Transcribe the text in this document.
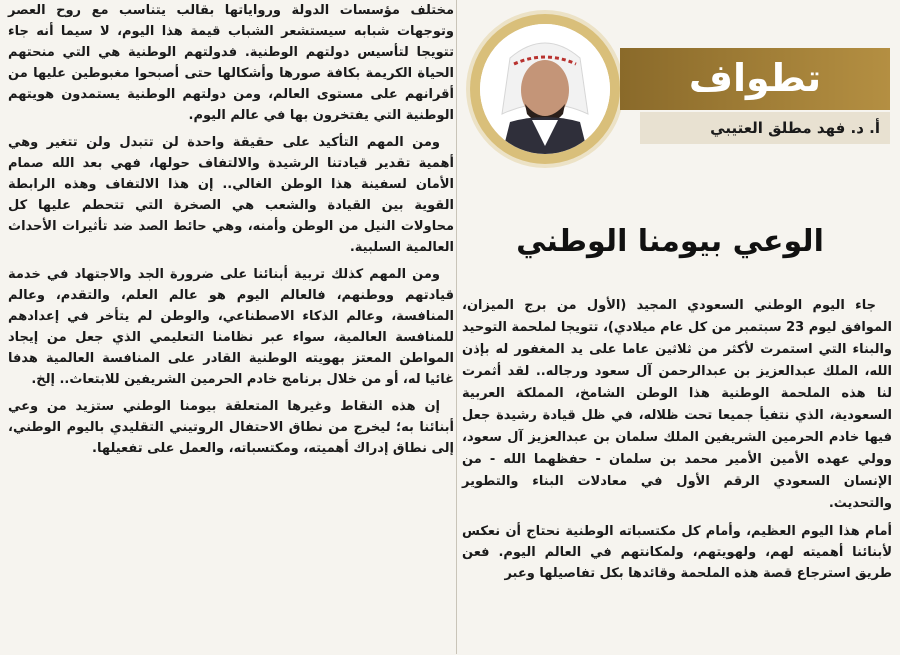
مختلف مؤسسات الدولة ورواياتها بقالب يتناسب مع روح العصر وتوجهات شبابه سيستشعر الشباب قيمة هذا اليوم، لا سيما أنه جاء تتويجا لتأسيس دولتهم الوطنية. فدولتهم الوطنية هي التي منحتهم الحياة الكريمة بكافة صورها وأشكالها حتى أصبحوا مغبوطين عليها من أقرانهم على مستوى العالم، ومن دولتهم الوطنية يستمدون هويتهم الوطنية التي يفتخرون بها في عالم اليوم.

ومن المهم التأكيد على حقيقة واحدة لن تتبدل ولن تتغير وهي أهمية تقدير قيادتنا الرشيدة والالتفاف حولها، فهي بعد الله صمام الأمان لسفينة هذا الوطن الغالي.. إن هذا الالتفاف وهذه الرابطة القوية بين القيادة والشعب هي الصخرة التي تتحطم عليها كل محاولات النيل من الوطن وأمنه، وهي حائط الصد ضد تأثيرات الأحداث العالمية السلبية.

ومن المهم كذلك تربية أبنائنا على ضرورة الجد والاجتهاد في خدمة قيادتهم ووطنهم، فالعالم اليوم هو عالم العلم، والتقدم، وعالم المنافسة، وعالم الذكاء الاصطناعي، والوطن لم يتأخر في إعدادهم للمنافسة العالمية، سواء عبر نظامنا التعليمي الذي جعل من إيجاد المواطن المعتز بهويته الوطنية القادر على المنافسة العالمية هدفا غائيا له، أو من خلال برنامج خادم الحرمين الشريفين للابتعاث.. إلخ.

إن هذه النقاط وغيرها المتعلقة بيومنا الوطني ستزيد من وعي أبنائنا به؛ ليخرج من نطاق الاحتفال الروتيني التقليدي باليوم الوطني، إلى نطاق إدراك أهميته، ومكتسباته، والعمل على تفعيلها.

تطواف
أ. د. فهد مطلق العتيبي
الوعي بيومنا الوطني

جاء اليوم الوطني السعودي المجيد (الأول من برج الميزان، الموافق ليوم 23 سبتمبر من كل عام ميلادي)، تتويجا لملحمة التوحيد والبناء التي استمرت لأكثر من ثلاثين عاما على يد المغفور له بإذن الله، الملك عبدالعزيز بن عبدالرحمن آل سعود ورجاله.. لقد أثمرت لنا هذه الملحمة الوطنية هذا الوطن الشامخ، المملكة العربية السعودية، الذي نتفيأ جميعا تحت ظلاله، في ظل قيادة رشيدة جعل فيها خادم الحرمين الشريفين الملك سلمان بن عبدالعزيز آل سعود، وولي عهده الأمين الأمير محمد بن سلمان - حفظهما الله - من الإنسان السعودي الرقم الأول في معادلات البناء والتطوير والتحديث.

أمام هذا اليوم العظيم، وأمام كل مكتسباته الوطنية نحتاج أن نعكس لأبنائنا أهميته لهم، ولهويتهم، ولمكانتهم في العالم اليوم. فعن طريق استرجاع قصة هذه الملحمة وقائدها بكل تفاصيلها وعبر
